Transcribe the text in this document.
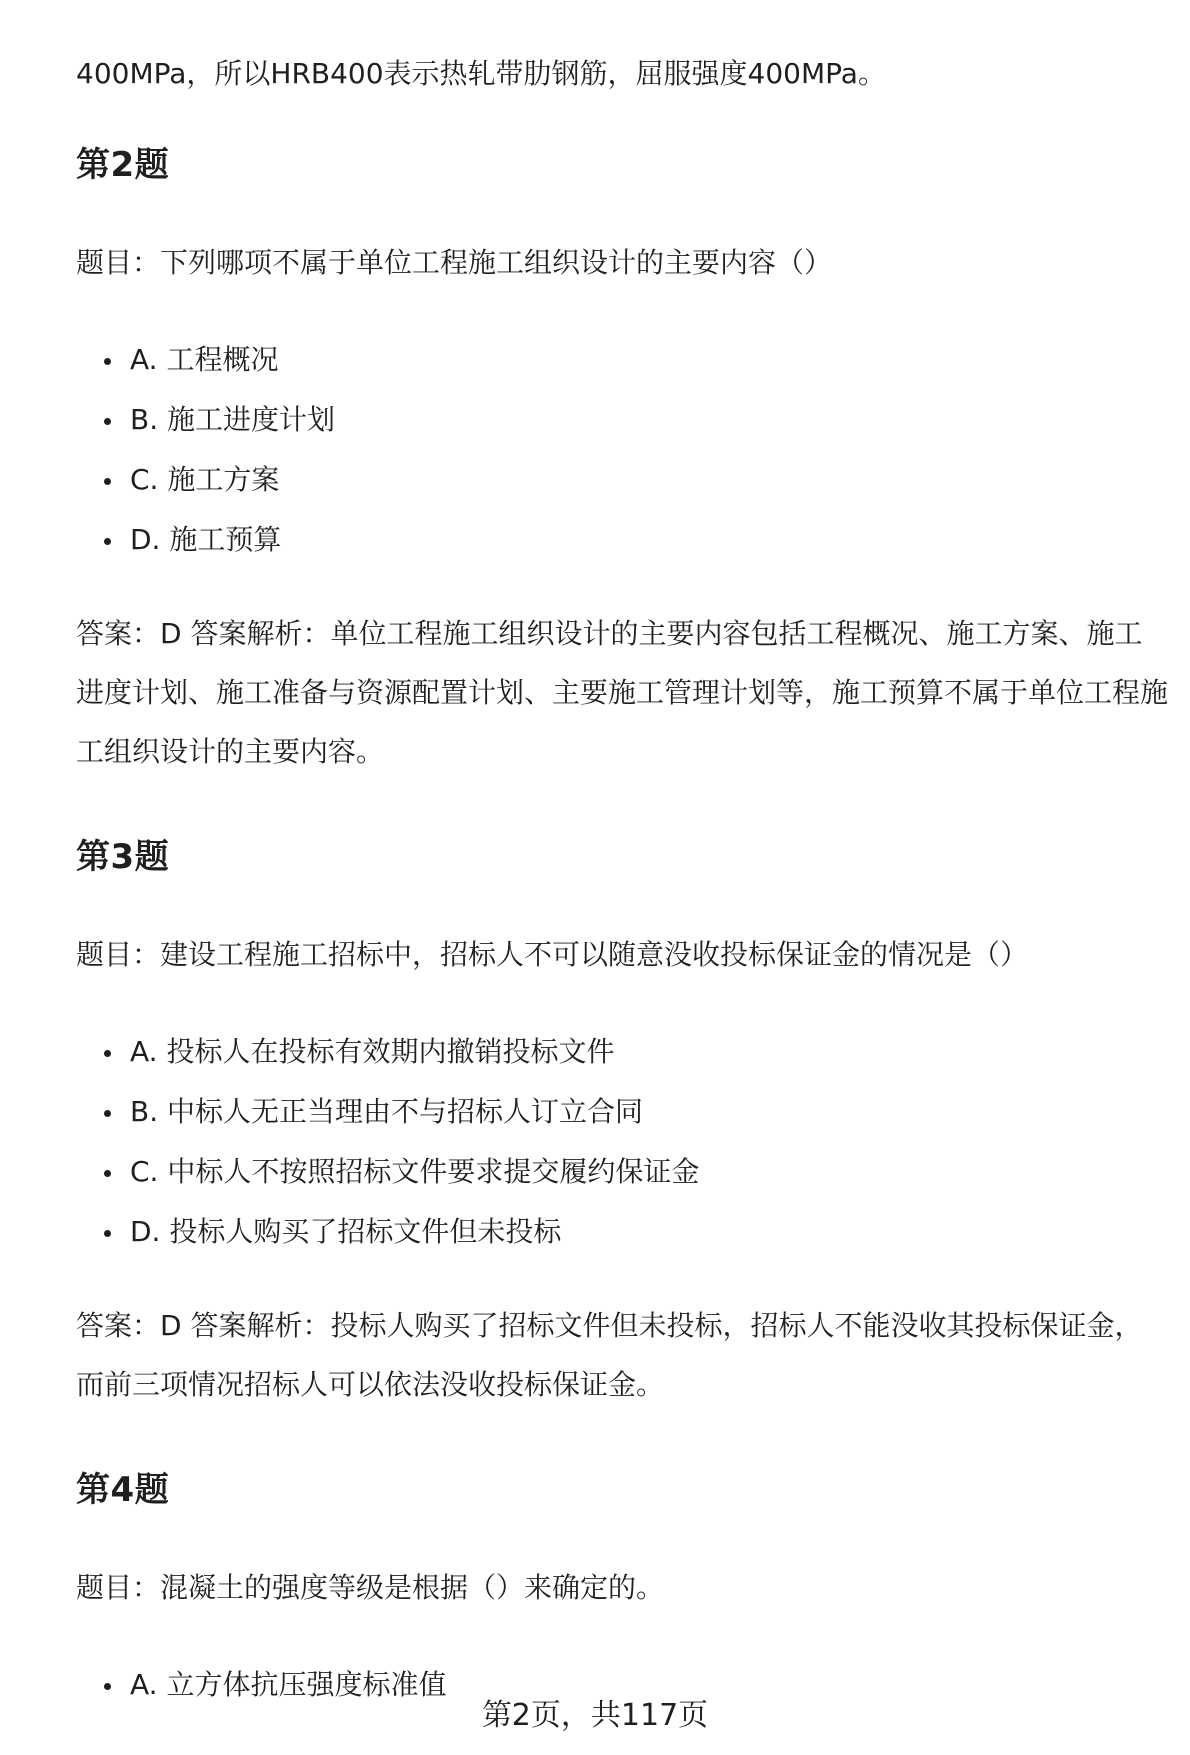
400MPa，所以HRB400表示热轧带肋钢筋，屈服强度400MPa。

第2题

题目：下列哪项不属于单位工程施工组织设计的主要内容（）

A. 工程概况
B. 施工进度计划
C. 施工方案
D. 施工预算

答案：D 答案解析：单位工程施工组织设计的主要内容包括工程概况、施工方案、施工进度计划、施工准备与资源配置计划、主要施工管理计划等，施工预算不属于单位工程施工组织设计的主要内容。

第3题

题目：建设工程施工招标中，招标人不可以随意没收投标保证金的情况是（）

A. 投标人在投标有效期内撤销投标文件
B. 中标人无正当理由不与招标人订立合同
C. 中标人不按照招标文件要求提交履约保证金
D. 投标人购买了招标文件但未投标

答案：D 答案解析：投标人购买了招标文件但未投标，招标人不能没收其投标保证金，而前三项情况招标人可以依法没收投标保证金。

第4题

题目：混凝土的强度等级是根据（）来确定的。

A. 立方体抗压强度标准值
第2页，共117页
